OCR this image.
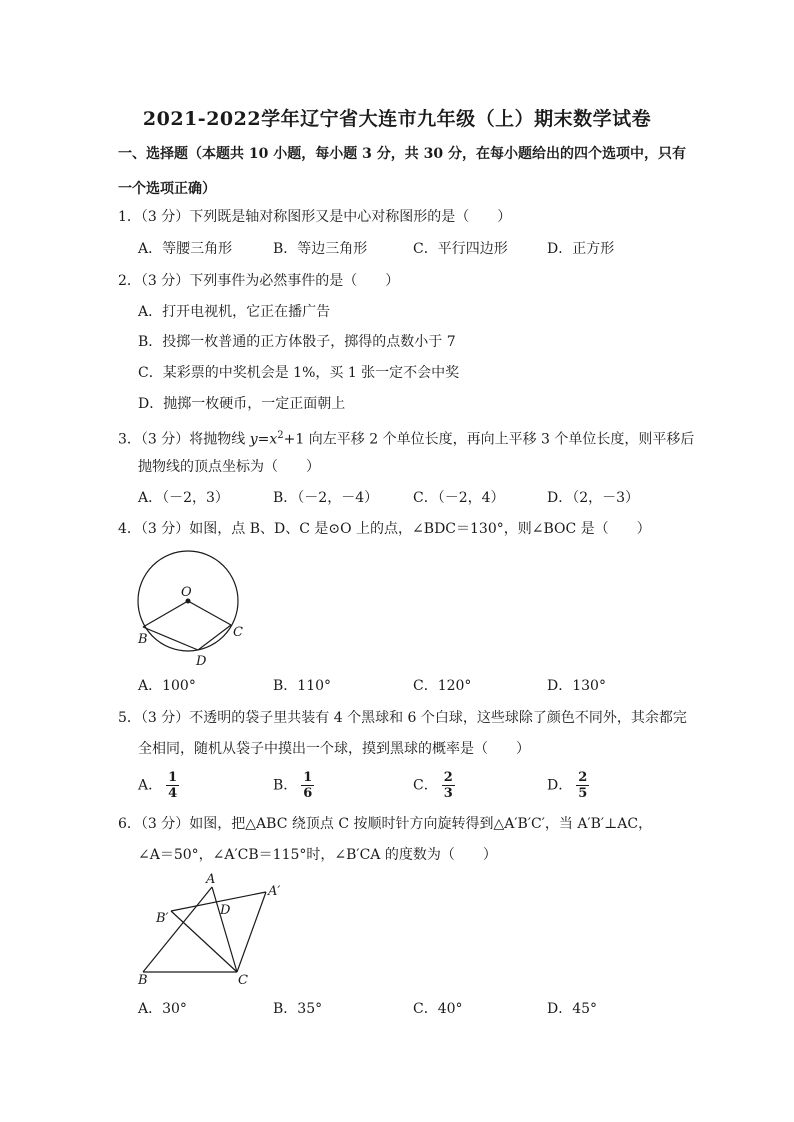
2021-2022学年辽宁省大连市九年级（上）期末数学试卷
一、选择题（本题共 10 小题，每小题 3 分，共 30 分，在每小题给出的四个选项中，只有
一个选项正确）
1．（3 分）下列既是轴对称图形又是中心对称图形的是（　　）
A．等腰三角形	B．等边三角形	C．平行四边形	D．正方形
2．（3 分）下列事件为必然事件的是（　　）
A．打开电视机，它正在播广告
B．投掷一枚普通的正方体骰子，掷得的点数小于 7
C．某彩票的中奖机会是 1%，买 1 张一定不会中奖
D．抛掷一枚硬币，一定正面朝上
3．（3 分）将抛物线 $y=x^2+1$ 向左平移 2 个单位长度，再向上平移 3 个单位长度，则平移后
抛物线的顶点坐标为（　　）
A．（－2，3）	B．（－2，－4） C．（－2，4）	D．（2，－3）
4．（3 分）如图，点 B、D、C 是⊙O 上的点，∠BDC＝130°，则∠BOC 是（　　）
O
B	C
D
A．100°	B．110°	C．120°	D．130°
5．（3 分）不透明的袋子里共装有 4 个黑球和 6 个白球，这些球除了颜色不同外，其余都完
全相同，随机从袋子中摸出一个球，摸到黑球的概率是（　　）
A． $\frac{1}{4}$	B． $\frac{1}{6}$	C． $\frac{2}{3}$	D． $\frac{2}{5}$
6．（3 分）如图，把△ABC 绕顶点 C 按顺时针方向旋转得到△A′B′C′，当 A′B′⊥AC，
∠A＝50°，∠A′CB＝115°时，∠B′CA 的度数为（　　）
A
A′
B′
D
B	C
A．30°	B．35°	C．40°	D．45°
